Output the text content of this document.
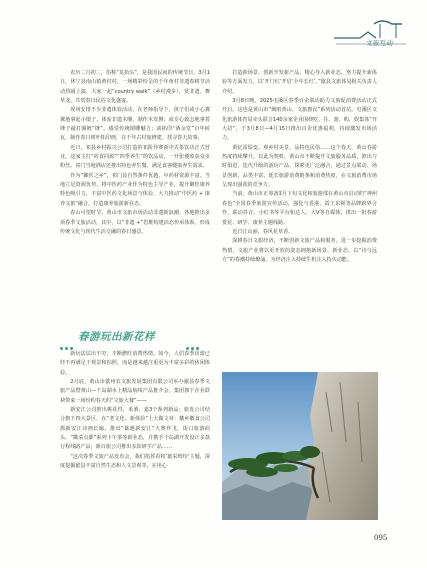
文旅互动

农历二月初二，俗称“龙抬头”，是我国民间的传统节日。3月1日，休宁县南山镇黄村村，一场精彩纷呈的千年黄村非遗春耕节活动热闹上演，大家一起“country walk”（乡村漫步），赏非遗、舞草龙，共赏春日民俗文化盛宴。

现场安排不少非遗体验活动，在老师指导下，孩子们或小心翼翼地拿起小镊子，体验非遗木雕，制作木发簪；或专心致志地拿着锤子敲打圈链“锤”，感受传统钢雕魅力；或拓印“酒余堂”百年砖瓦，制作春日树叶拓印画，在千年古村旅修建、找寻春天故事。

近日，祁县乡村振兴公司打造的祁阶异赛新中式茶饮店正式营业。这家主打“药食同源”“四季养生”的饮品店，一开张便收获众多粉丝。祁门当地酒店还推出特色养生餐，满足食客健康养生需求。

作为“御医之乡”，祁门县自然条件优越，中药材资源丰富。当地立足资源优势，将中医药产业作为特色主导产业，提升御医康养特色吸引力，丰富中医药文化场景与体验，大力推动“中医药 + 康养文旅”融合，打造康养旅游新业态。

春山可望时节，黄山市文旅市场活动非遗新浪潮，各地推出多项春季文旅活动，其中，以“非遗 +”思维构建活态传承体系，形成传统文化与现代生活交融的春日盛景。

春游玩出新花样

新玩法层出不穷，不断燃旺消费热情。如今，人们春季出游已经不再满足于观景和拍照，而是越来越注重更为丰富多彩的休闲体验。

2月底，黄山市歙州农文旅发展集团有限公司举办歙县春季文旅产品暨黄山—千岛湖水上精品航线产品推介会，集团旗下企业联袂带来一场纷约春天的“文旅大餐”——

新安江公司推出桃花坞、米酒、嘉3个系列新品；旅发公司结合旗下四大景区，在“老文化、新体验”上大做文章：徽乡徽食公司抓新安江诗画长廊，推出“暴遇新安江”大赛作飞、街口旅游码头、“徽菜点都”系列下午茶等新业态，并携手千岛湖开发设计多款行程线路产品；新百旅公司推出多款研学产品……

“这次春季文旅产品发布会，我们指挥看和‘歙采缤纷’主题，深度挖掘歙县丰富自然生态和人文景观等，在用心

打造新场景、创新开发新产品、精心导入新业态、努力提升新体验等方面发力，以‘开门红’开启‘全年长红’。”歙县文旅体局相关负责人介绍。

3月8日晚，2025屯溪区春季百企联动助力文旅促消费活动正式开启。这也是黄山市“烟雨黄山、文旅惠民”系列活动首站。屯溪区文化旅游体育局牵头联合140余家企业围绕吃、住、游、购、娱集体“开大招”，于3月8日—4月15日推出百企优惠福利，持续激发市场活力。

黄忆雷鬃变、观乡村美景、品特色民俗……这个春天，黄山春游热度持续攀升，以此为契机，黄山市不断提升文旅服务品质，推出与时俱进、迭代升级的游玩产品，探索更广泛融合，通过景点联动、场景创新、品类丰富，延长旅游消费链条和消费热度，在文旅消费市场呈现出强劲的竞争力。

当前，黄山市正筹备3月下旬文化和旅游部在黄山市启动的“神州春色”全国春季旅游宣传活动，强化与香港、霞王东视等品牌跨界合作，联动抖音、小红书等平台和达人、大V等自媒体，推出一批春游赏花、研学、康养主题线路。

近日江山丽，春风花草香。

深耕春日文旅经济，不断创新文旅产品和服务，进一步挖掘消费热情，文旅产业将以更开放的姿态拥抱新场景、新业态、以“诗与远方”的春潮持续燎涌，为经济注入持续生机注入持久动能。

095
